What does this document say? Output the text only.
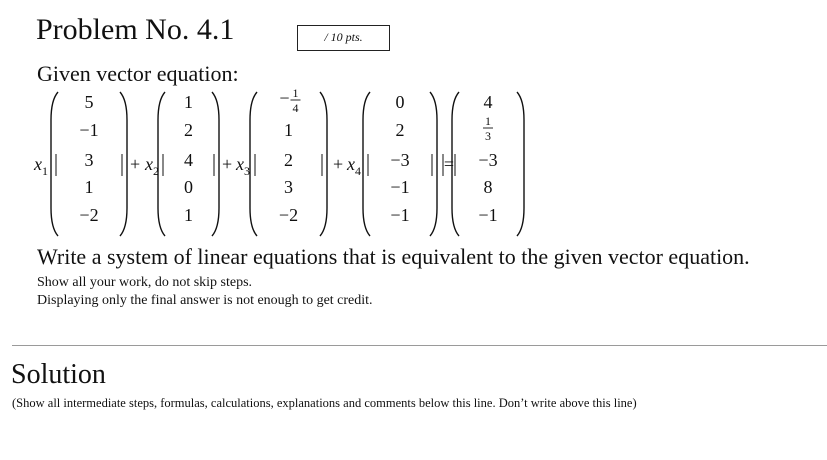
Problem No. 4.1	/ 10 pts.
Given vector equation:
$x_1$
5
−1
3
1
−2
+ $x_2$
1
2
4
0
1
+ $x_3$
− 1
4
1
2
3
−2
+ $x_4$
0
2
−3
−1
−1
=
4
1
3
−3
8
−1
Write a system of linear equations that is equivalent to the given vector equation.
Show all your work, do not skip steps.
Displaying only the final answer is not enough to get credit.
Solution
(Show all intermediate steps, formulas, calculations, explanations and comments below this line. Don’t write above this line)
